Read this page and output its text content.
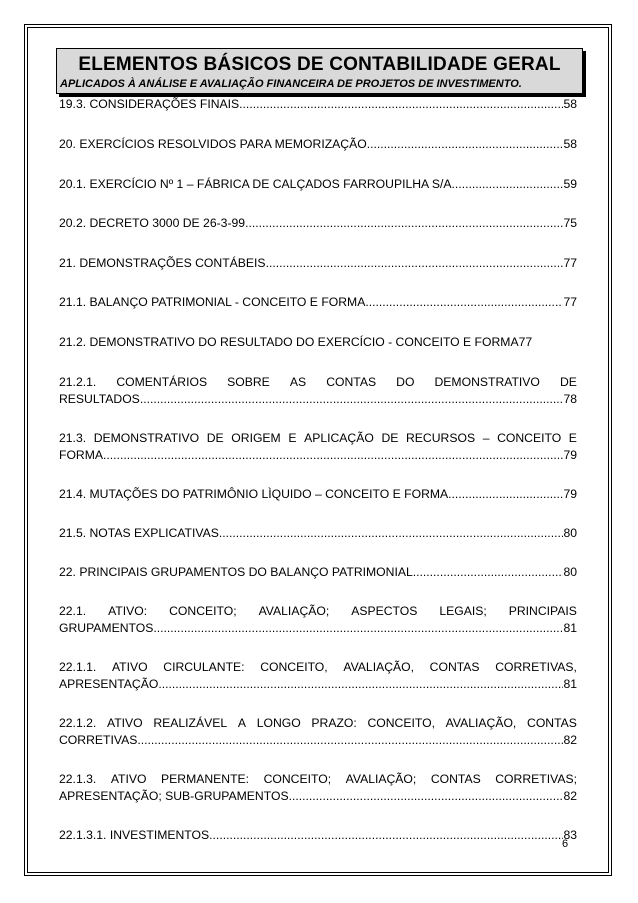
ELEMENTOS BÁSICOS DE CONTABILIDADE GERAL
APLICADOS À ANÁLISE E AVALIAÇÃO FINANCEIRA DE PROJETOS DE INVESTIMENTO.
19.3. CONSIDERAÇÕES FINAIS .....	58
20. EXERCÍCIOS RESOLVIDOS PARA MEMORIZAÇÃO .....	58
20.1. EXERCÍCIO Nº 1 – FÁBRICA DE CALÇADOS FARROUPILHA S/A .....	59
20.2. DECRETO 3000 DE 26-3-99 .....	75
21. DEMONSTRAÇÕES CONTÁBEIS .....	77
21.1. BALANÇO PATRIMONIAL - CONCEITO E FORMA .....	77
21.2. DEMONSTRATIVO DO RESULTADO DO EXERCÍCIO - CONCEITO E FORMA 77
21.2.1. COMENTÁRIOS SOBRE AS CONTAS DO DEMONSTRATIVO DE
RESULTADOS .....	78
21.3. DEMONSTRATIVO DE ORIGEM E APLICAÇÃO DE RECURSOS – CONCEITO E
FORMA .....	79
21.4. MUTAÇÕES DO PATRIMÔNIO LÌQUIDO – CONCEITO E FORMA .....	79
21.5. NOTAS EXPLICATIVAS .....	80
22. PRINCIPAIS GRUPAMENTOS DO BALANÇO PATRIMONIAL .....	80
22.1. ATIVO: CONCEITO; AVALIAÇÃO; ASPECTOS LEGAIS; PRINCIPAIS
GRUPAMENTOS .....	81
22.1.1. ATIVO CIRCULANTE: CONCEITO, AVALIAÇÃO, CONTAS CORRETIVAS,
APRESENTAÇÃO .....	81
22.1.2. ATIVO REALIZÁVEL A LONGO PRAZO: CONCEITO, AVALIAÇÃO, CONTAS
CORRETIVAS .....	82
22.1.3. ATIVO PERMANENTE: CONCEITO; AVALIAÇÃO; CONTAS CORRETIVAS;
APRESENTAÇÃO; SUB-GRUPAMENTOS .....	82
22.1.3.1. INVESTIMENTOS .....	83
6
